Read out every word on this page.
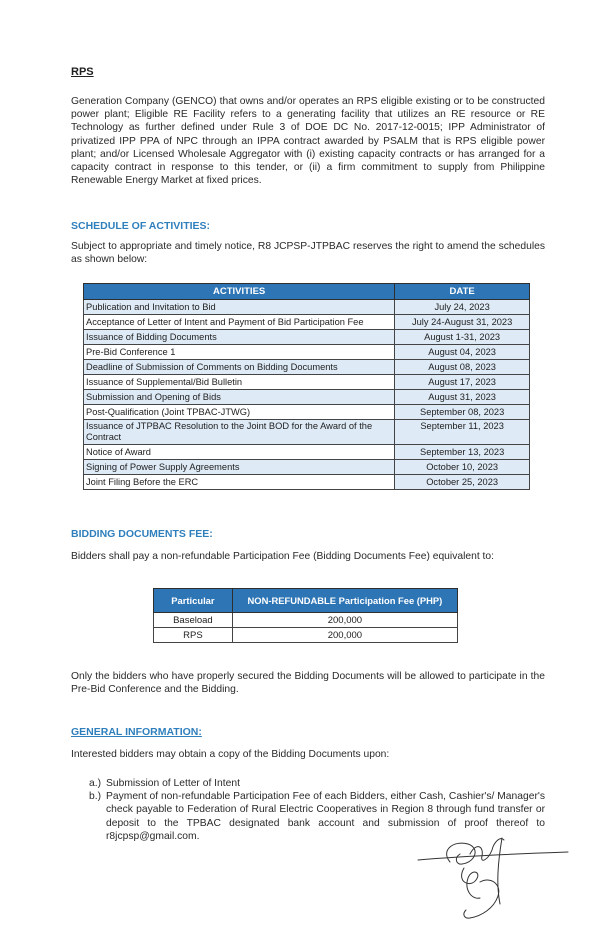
RPS
Generation Company (GENCO) that owns and/or operates an RPS eligible existing or to be constructed power plant; Eligible RE Facility refers to a generating facility that utilizes an RE resource or RE Technology as further defined under Rule 3 of DOE DC No. 2017-12-0015; IPP Administrator of privatized IPP PPA of NPC through an IPPA contract awarded by PSALM that is RPS eligible power plant; and/or Licensed Wholesale Aggregator with (i) existing capacity contracts or has arranged for a capacity contract in response to this tender, or (ii) a firm commitment to supply from Philippine Renewable Energy Market at fixed prices.
SCHEDULE OF ACTIVITIES:
Subject to appropriate and timely notice, R8 JCPSP-JTPBAC reserves the right to amend the schedules as shown below:
ACTIVITIES	DATE
Publication and Invitation to Bid	July 24, 2023
Acceptance of Letter of Intent and Payment of Bid Participation Fee	July 24-August 31, 2023
Issuance of Bidding Documents	August 1-31, 2023
Pre-Bid Conference 1	August 04, 2023
Deadline of Submission of Comments on Bidding Documents	August 08, 2023
Issuance of Supplemental/Bid Bulletin	August 17, 2023
Submission and Opening of Bids	August 31, 2023
Post-Qualification (Joint TPBAC-JTWG)	September 08, 2023
Issuance of JTPBAC Resolution to the Joint BOD for the Award of the Contract	September 11, 2023
Notice of Award	September 13, 2023
Signing of Power Supply Agreements	October 10, 2023
Joint Filing Before the ERC	October 25, 2023
BIDDING DOCUMENTS FEE:
Bidders shall pay a non-refundable Participation Fee (Bidding Documents Fee) equivalent to:
Particular	NON-REFUNDABLE Participation Fee (PHP)
Baseload	200,000
RPS	200,000
Only the bidders who have properly secured the Bidding Documents will be allowed to participate in the Pre-Bid Conference and the Bidding.
GENERAL INFORMATION:
Interested bidders may obtain a copy of the Bidding Documents upon:
a.) Submission of Letter of Intent
b.) Payment of non-refundable Participation Fee of each Bidders, either Cash, Cashier's/ Manager's check payable to Federation of Rural Electric Cooperatives in Region 8 through fund transfer or deposit to the TPBAC designated bank account and submission of proof thereof to r8jcpsp@gmail.com.
